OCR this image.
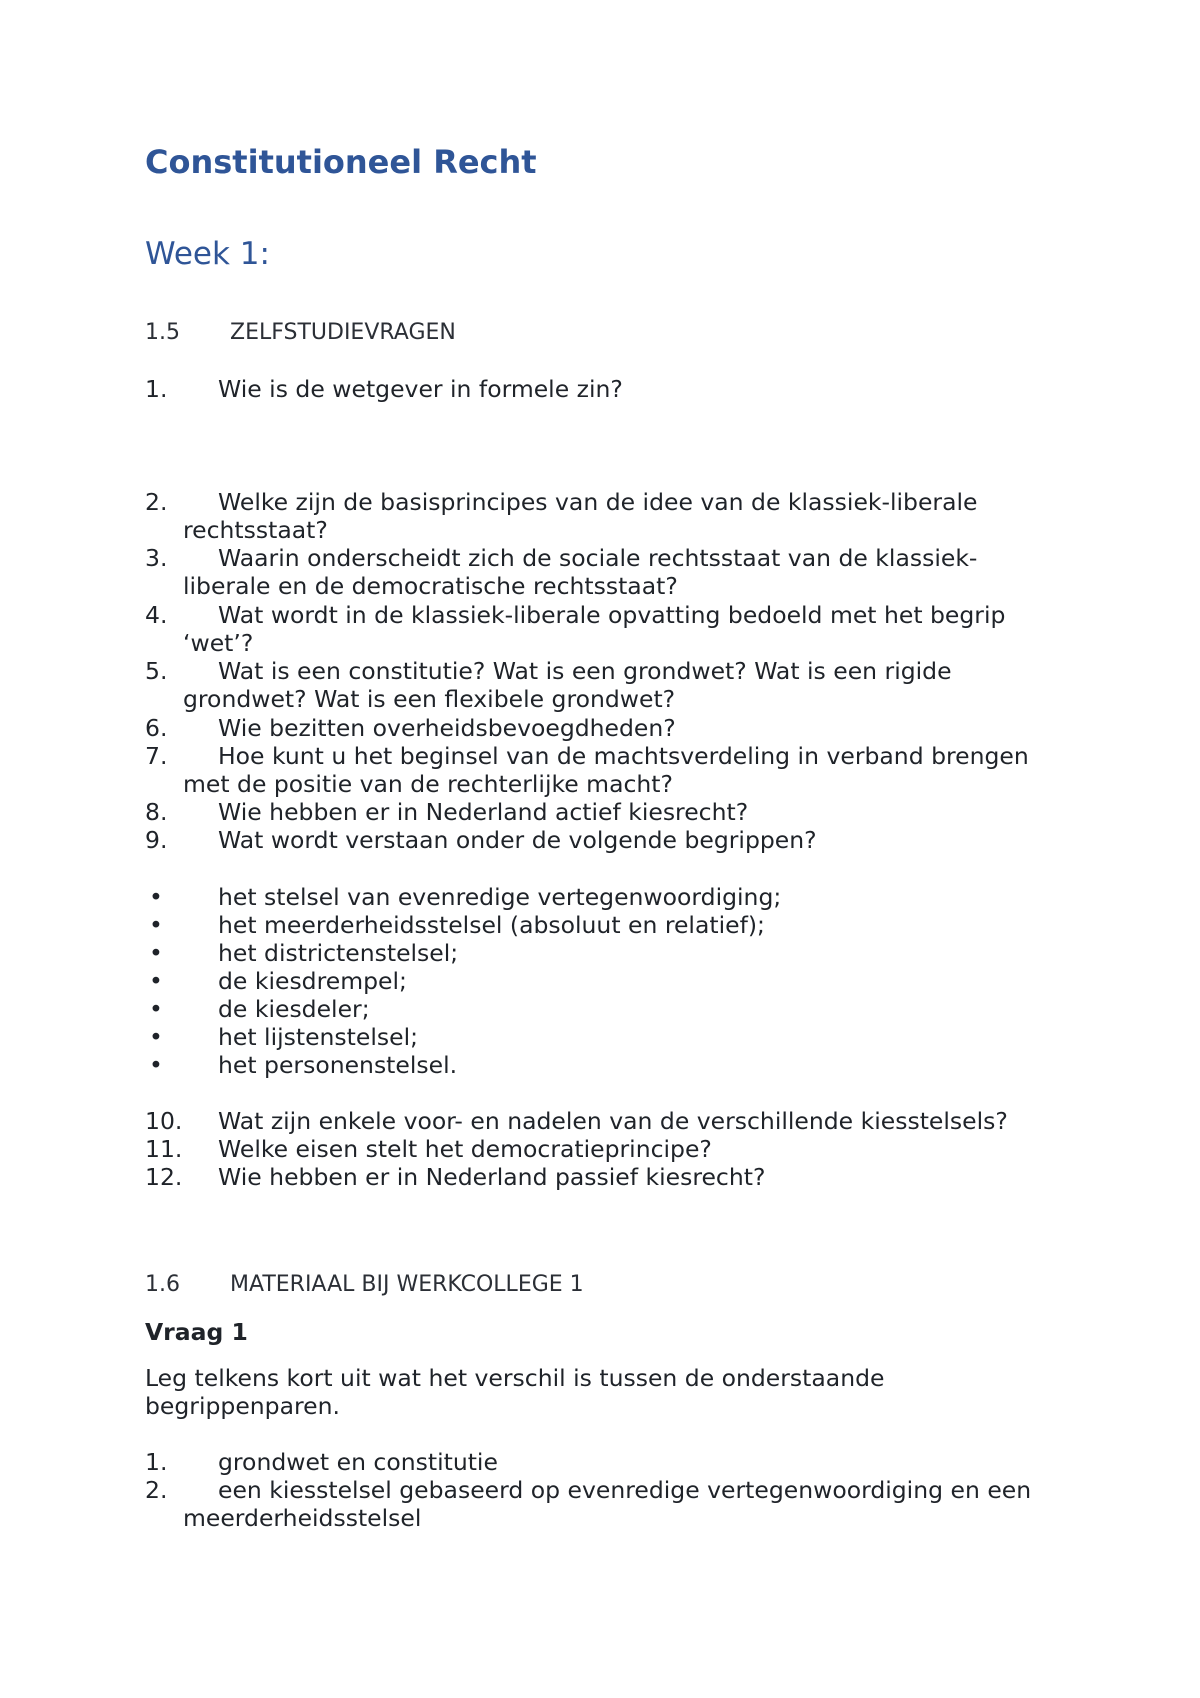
Constitutioneel Recht
Week 1:
1.5 ZELFSTUDIEVRAGEN
1. Wie is de wetgever in formele zin?
2. Welke zijn de basisprincipes van de idee van de klassiek-liberale
rechtsstaat?
3. Waarin onderscheidt zich de sociale rechtsstaat van de klassiek-
liberale en de democratische rechtsstaat?
4. Wat wordt in de klassiek-liberale opvatting bedoeld met het begrip
‘wet’?
5. Wat is een constitutie? Wat is een grondwet? Wat is een rigide
grondwet? Wat is een flexibele grondwet?
6. Wie bezitten overheidsbevoegdheden?
7. Hoe kunt u het beginsel van de machtsverdeling in verband brengen
met de positie van de rechterlijke macht?
8. Wie hebben er in Nederland actief kiesrecht?
9. Wat wordt verstaan onder de volgende begrippen?
• het stelsel van evenredige vertegenwoordiging;
• het meerderheidsstelsel (absoluut en relatief);
• het districtenstelsel;
• de kiesdrempel;
• de kiesdeler;
• het lijstenstelsel;
• het personenstelsel.
10. Wat zijn enkele voor- en nadelen van de verschillende kiesstelsels?
11. Welke eisen stelt het democratieprincipe?
12. Wie hebben er in Nederland passief kiesrecht?
1.6 MATERIAAL BIJ WERKCOLLEGE 1
Vraag 1

Leg telkens kort uit wat het verschil is tussen de onderstaande begrippenparen.

1. grondwet en constitutie
2. een kiesstelsel gebaseerd op evenredige vertegenwoordiging en een
meerderheidsstelsel
